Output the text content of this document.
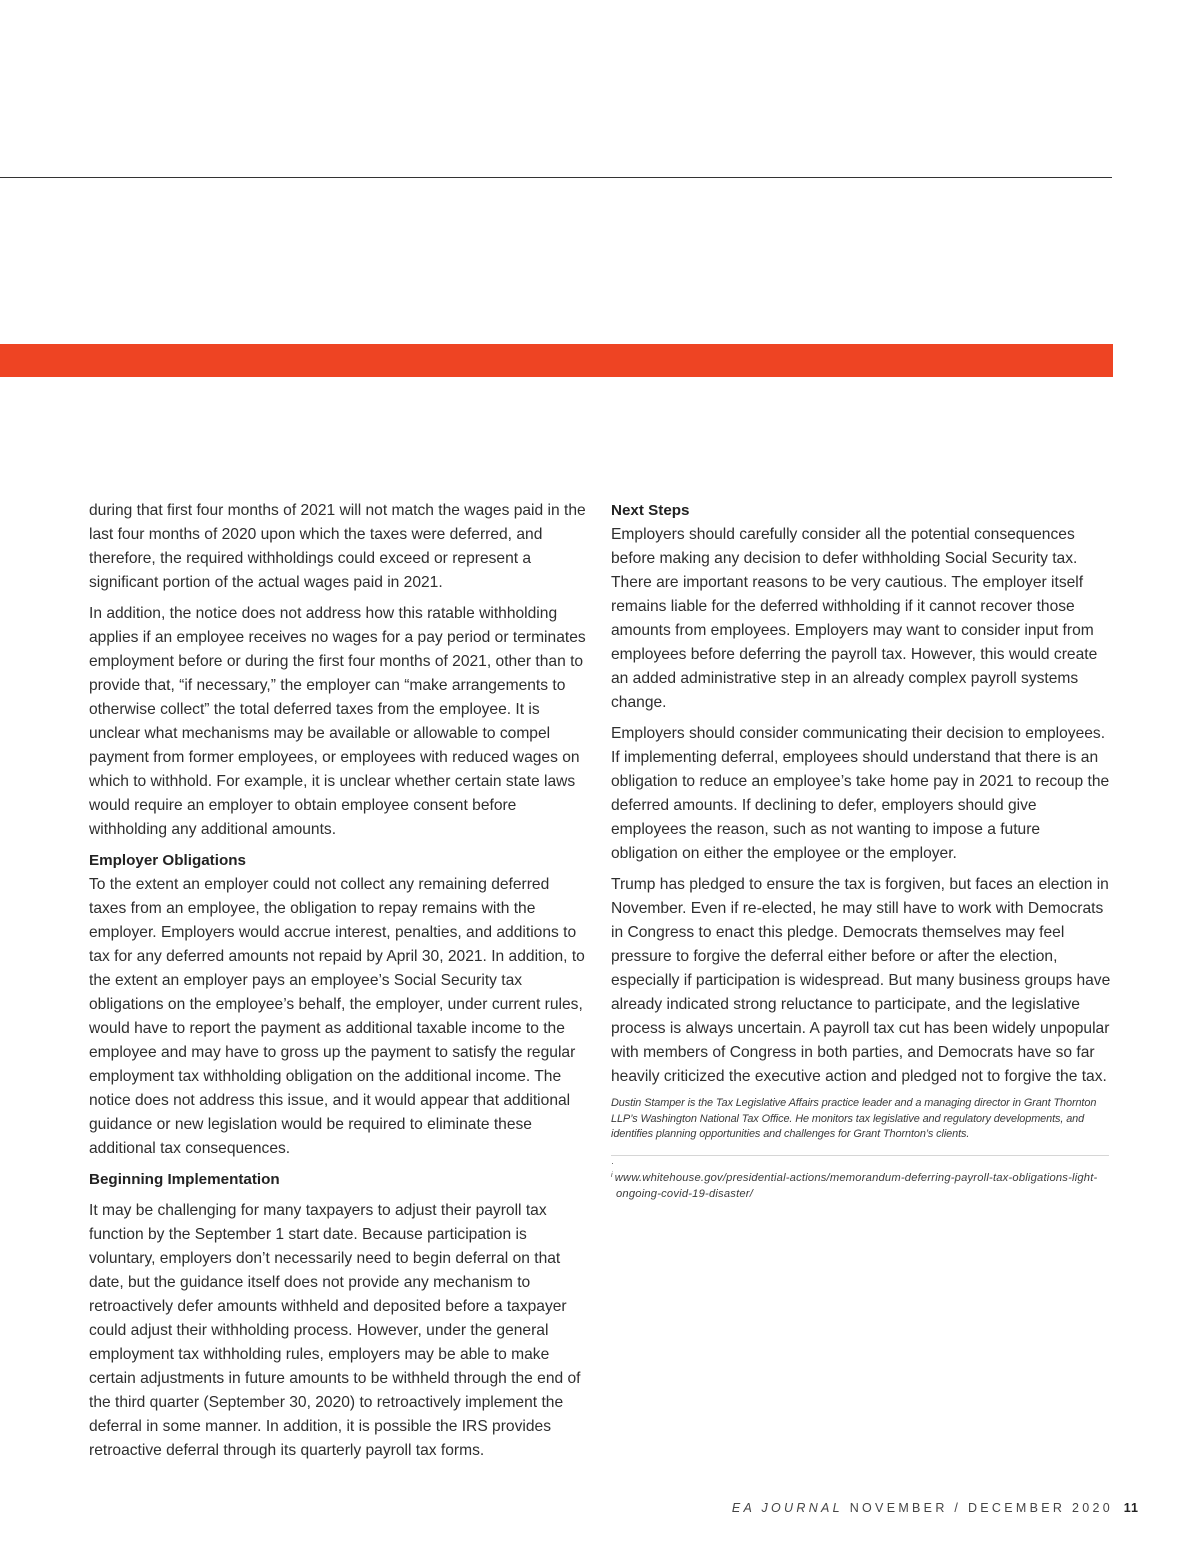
during that first four months of 2021 will not match the wages paid in the last four months of 2020 upon which the taxes were deferred, and therefore, the required withholdings could exceed or represent a significant portion of the actual wages paid in 2021.

In addition, the notice does not address how this ratable withholding applies if an employee receives no wages for a pay period or terminates employment before or during the first four months of 2021, other than to provide that, “if necessary,” the employer can “make arrangements to otherwise collect” the total deferred taxes from the employee. It is unclear what mechanisms may be available or allowable to compel payment from former employees, or employees with reduced wages on which to withhold. For example, it is unclear whether certain state laws would require an employer to obtain employee consent before withholding any additional amounts.

Employer Obligations

To the extent an employer could not collect any remaining deferred taxes from an employee, the obligation to repay remains with the employer. Employers would accrue interest, penalties, and additions to tax for any deferred amounts not repaid by April 30, 2021. In addition, to the extent an employer pays an employee’s Social Security tax obligations on the employee’s behalf, the employer, under current rules, would have to report the payment as additional taxable income to the employee and may have to gross up the payment to satisfy the regular employment tax withholding obligation on the additional income. The notice does not address this issue, and it would appear that additional guidance or new legislation would be required to eliminate these additional tax consequences.

Beginning Implementation

It may be challenging for many taxpayers to adjust their payroll tax function by the September 1 start date. Because participation is voluntary, employers don’t necessarily need to begin deferral on that date, but the guidance itself does not provide any mechanism to retroactively defer amounts withheld and deposited before a taxpayer could adjust their withholding process. However, under the general employment tax withholding rules, employers may be able to make certain adjustments in future amounts to be withheld through the end of the third quarter (September 30, 2020) to retroactively implement the deferral in some manner. In addition, it is possible the IRS provides retroactive deferral through its quarterly payroll tax forms.

Next Steps

Employers should carefully consider all the potential consequences before making any decision to defer withholding Social Security tax. There are important reasons to be very cautious. The employer itself remains liable for the deferred withholding if it cannot recover those amounts from employees. Employers may want to consider input from employees before deferring the payroll tax. However, this would create an added administrative step in an already complex payroll systems change.

Employers should consider communicating their decision to employees. If implementing deferral, employees should understand that there is an obligation to reduce an employee’s take home pay in 2021 to recoup the deferred amounts. If declining to defer, employers should give employees the reason, such as not wanting to impose a future obligation on either the employee or the employer.

Trump has pledged to ensure the tax is forgiven, but faces an election in November. Even if re-elected, he may still have to work with Democrats in Congress to enact this pledge. Democrats themselves may feel pressure to forgive the deferral either before or after the election, especially if participation is widespread. But many business groups have already indicated strong reluctance to participate, and the legislative process is always uncertain. A payroll tax cut has been widely unpopular with members of Congress in both parties, and Democrats have so far heavily criticized the executive action and pledged not to forgive the tax.

Dustin Stamper is the Tax Legislative Affairs practice leader and a managing director in Grant Thornton LLP’s Washington National Tax Office. He monitors tax legislative and regulatory developments, and identifies planning opportunities and challenges for Grant Thornton’s clients.

·

$^i$ www.whitehouse.gov/presidential-actions/memorandum-deferring-payroll-tax-obligations-light-ongoing-covid-19-disaster/

EA JOURNAL NOVEMBER / DECEMBER 2020 11
